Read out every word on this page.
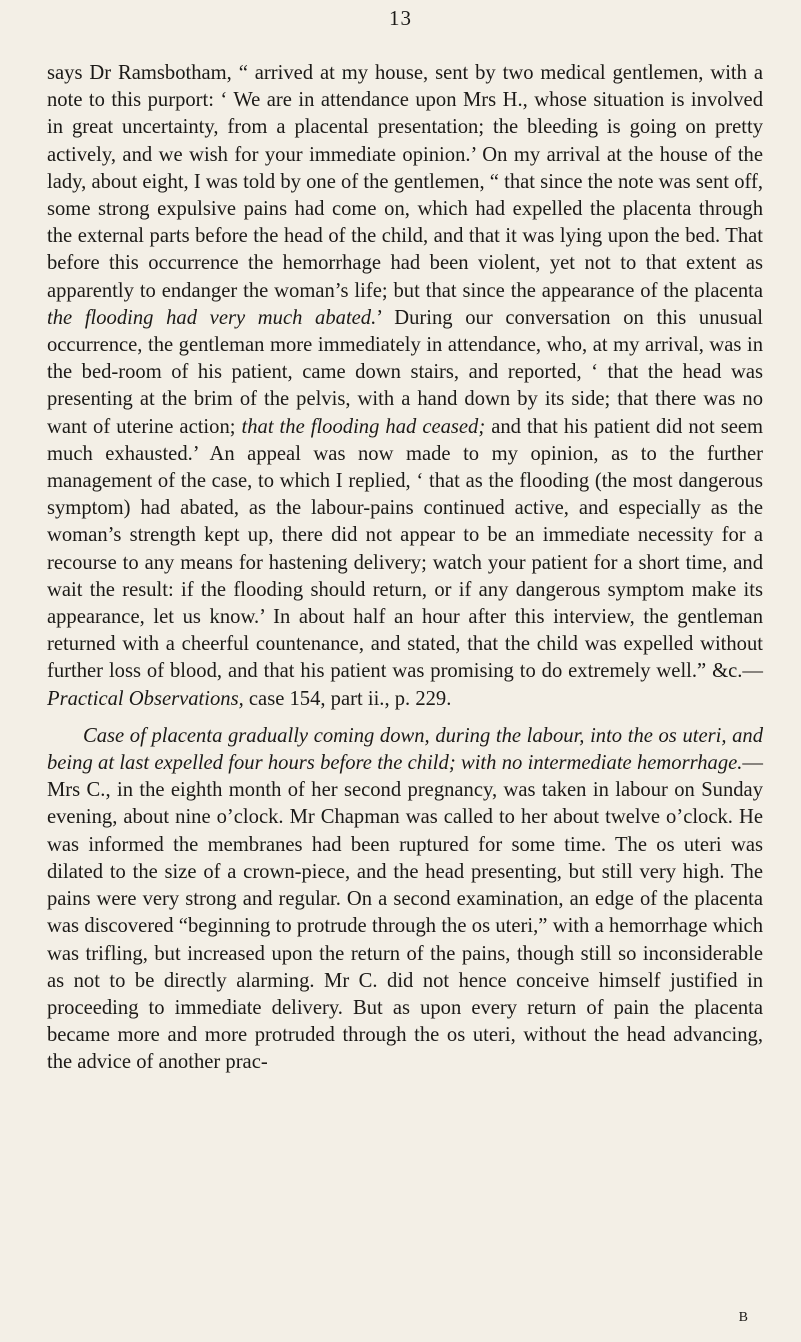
13

says Dr Ramsbotham, “ arrived at my house, sent by two medical gentlemen, with a note to this purport: ‘ We are in attendance upon Mrs H., whose situation is involved in great uncertainty, from a placental presentation; the bleeding is going on pretty actively, and we wish for your immediate opinion.’ On my arrival at the house of the lady, about eight, I was told by one of the gentlemen, “ that since the note was sent off, some strong expulsive pains had come on, which had expelled the placenta through the external parts before the head of the child, and that it was lying upon the bed. That before this occurrence the hemorrhage had been violent, yet not to that extent as apparently to endanger the woman’s life; but that since the appearance of the placenta the flooding had very much abated.’ During our conversation on this unusual occurrence, the gentleman more immediately in attendance, who, at my arrival, was in the bed-room of his patient, came down stairs, and reported, ‘ that the head was presenting at the brim of the pelvis, with a hand down by its side; that there was no want of uterine action; that the flooding had ceased; and that his patient did not seem much exhausted.’ An appeal was now made to my opinion, as to the further management of the case, to which I replied, ‘ that as the flooding (the most dangerous symptom) had abated, as the labour-pains continued active, and especially as the woman’s strength kept up, there did not appear to be an immediate necessity for a recourse to any means for hastening delivery; watch your patient for a short time, and wait the result: if the flooding should return, or if any dangerous symptom make its appearance, let us know.’ In about half an hour after this interview, the gentleman returned with a cheerful countenance, and stated, that the child was expelled without further loss of blood, and that his patient was promising to do extremely well.” &c.—Practical Observations, case 154, part ii., p. 229.

Case of placenta gradually coming down, during the labour, into the os uteri, and being at last expelled four hours before the child; with no intermediate hemorrhage.—Mrs C., in the eighth month of her second pregnancy, was taken in labour on Sunday evening, about nine o’clock. Mr Chapman was called to her about twelve o’clock. He was informed the membranes had been ruptured for some time. The os uteri was dilated to the size of a crown-piece, and the head presenting, but still very high. The pains were very strong and regular. On a second examination, an edge of the placenta was discovered “beginning to protrude through the os uteri,” with a hemorrhage which was trifling, but increased upon the return of the pains, though still so inconsiderable as not to be directly alarming. Mr C. did not hence conceive himself justified in proceeding to immediate delivery. But as upon every return of pain the placenta became more and more protruded through the os uteri, without the head advancing, the advice of another prac-

B
